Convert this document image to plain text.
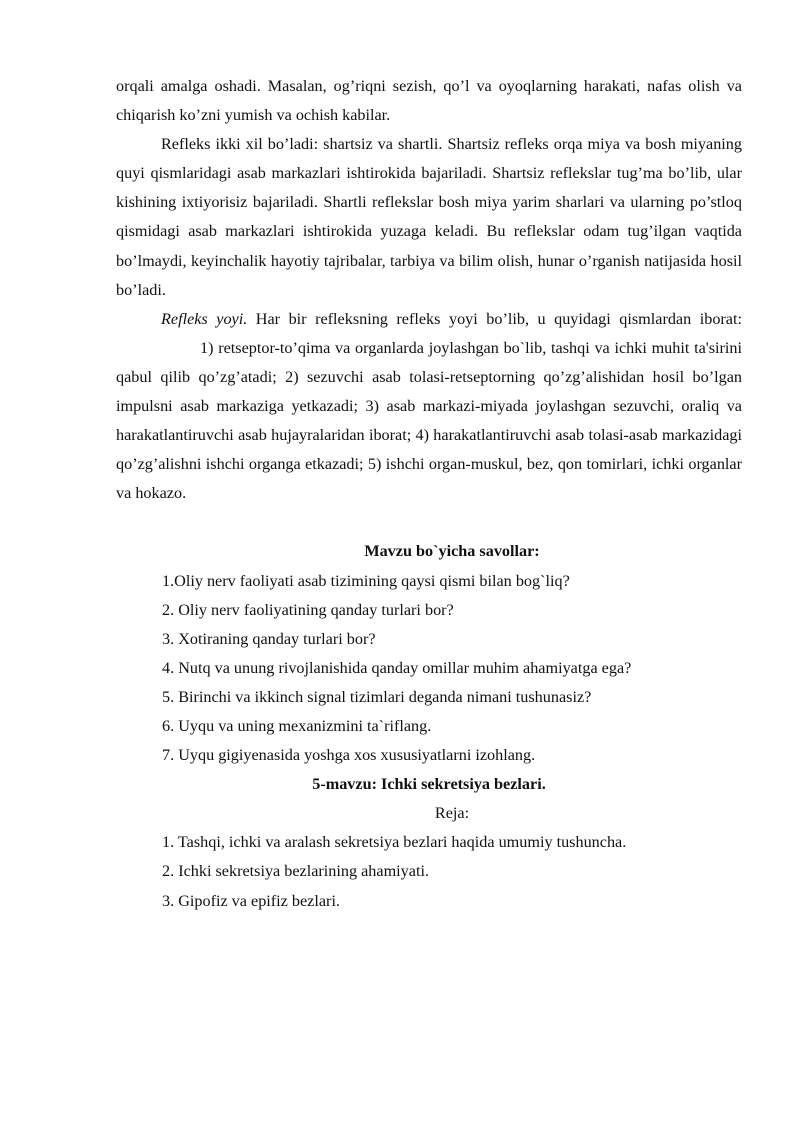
orqali amalga oshadi. Masalan, og’riqni sezish, qo’l va oyoqlarning harakati, nafas olish va chiqarish ko’zni yumish va ochish kabilar.

Refleks ikki xil bo’ladi: shartsiz va shartli. Shartsiz refleks orqa miya va bosh miyaning quyi qismlaridagi asab markazlari ishtirokida bajariladi. Shartsiz reflekslar tug’ma bo’lib, ular kishining ixtiyorisiz bajariladi. Shartli reflekslar bosh miya yarim sharlari va ularning po’stloq qismidagi asab markazlari ishtirokida yuzaga keladi. Bu reflekslar odam tug’ilgan vaqtida bo’lmaydi, keyinchalik hayotiy tajribalar, tarbiya va bilim olish, hunar o’rganish natijasida hosil bo’ladi.

Refleks yoyi. Har bir refleksning refleks yoyi bo’lib, u quyidagi qismlardan iborat:1) retseptor-to’qima va organlarda joylashgan bo`lib, tashqi va ichki muhit ta'sirini qabul qilib qo’zg’atadi; 2) sezuvchi asab tolasi-retseptorning qo’zg’alishidan hosil bo’lgan impulsni asab markaziga yetkazadi; 3) asab markazi-miyada joylashgan sezuvchi, oraliq va harakatlantiruvchi asab hujayralaridan iborat; 4) harakatlantiruvchi asab tolasi-asab markazidagi qo’zg’alishni ishchi organga etkazadi; 5) ishchi organ-muskul, bez, qon tomirlari, ichki organlar va hokazo.

Mavzu bo`yicha savollar:

1.Oliy nerv faoliyati asab tizimining qaysi qismi bilan bog`liq?
2. Oliy nerv faoliyatining qanday turlari bor?
3. Xotiraning qanday turlari bor?
4. Nutq va unung rivojlanishida qanday omillar muhim ahamiyatga ega?
5. Birinchi va ikkinch signal tizimlari deganda nimani tushunasiz?
6. Uyqu va uning mexanizmini ta`riflang.
7. Uyqu gigiyenasida yoshga xos xususiyatlarni izohlang.

5-mavzu: Ichki sekretsiya bezlari.

Reja:

1. Tashqi, ichki va aralash sekretsiya bezlari haqida umumiy tushuncha.
2. Ichki sekretsiya bezlarining ahamiyati.
3. Gipofiz va epifiz bezlari.
